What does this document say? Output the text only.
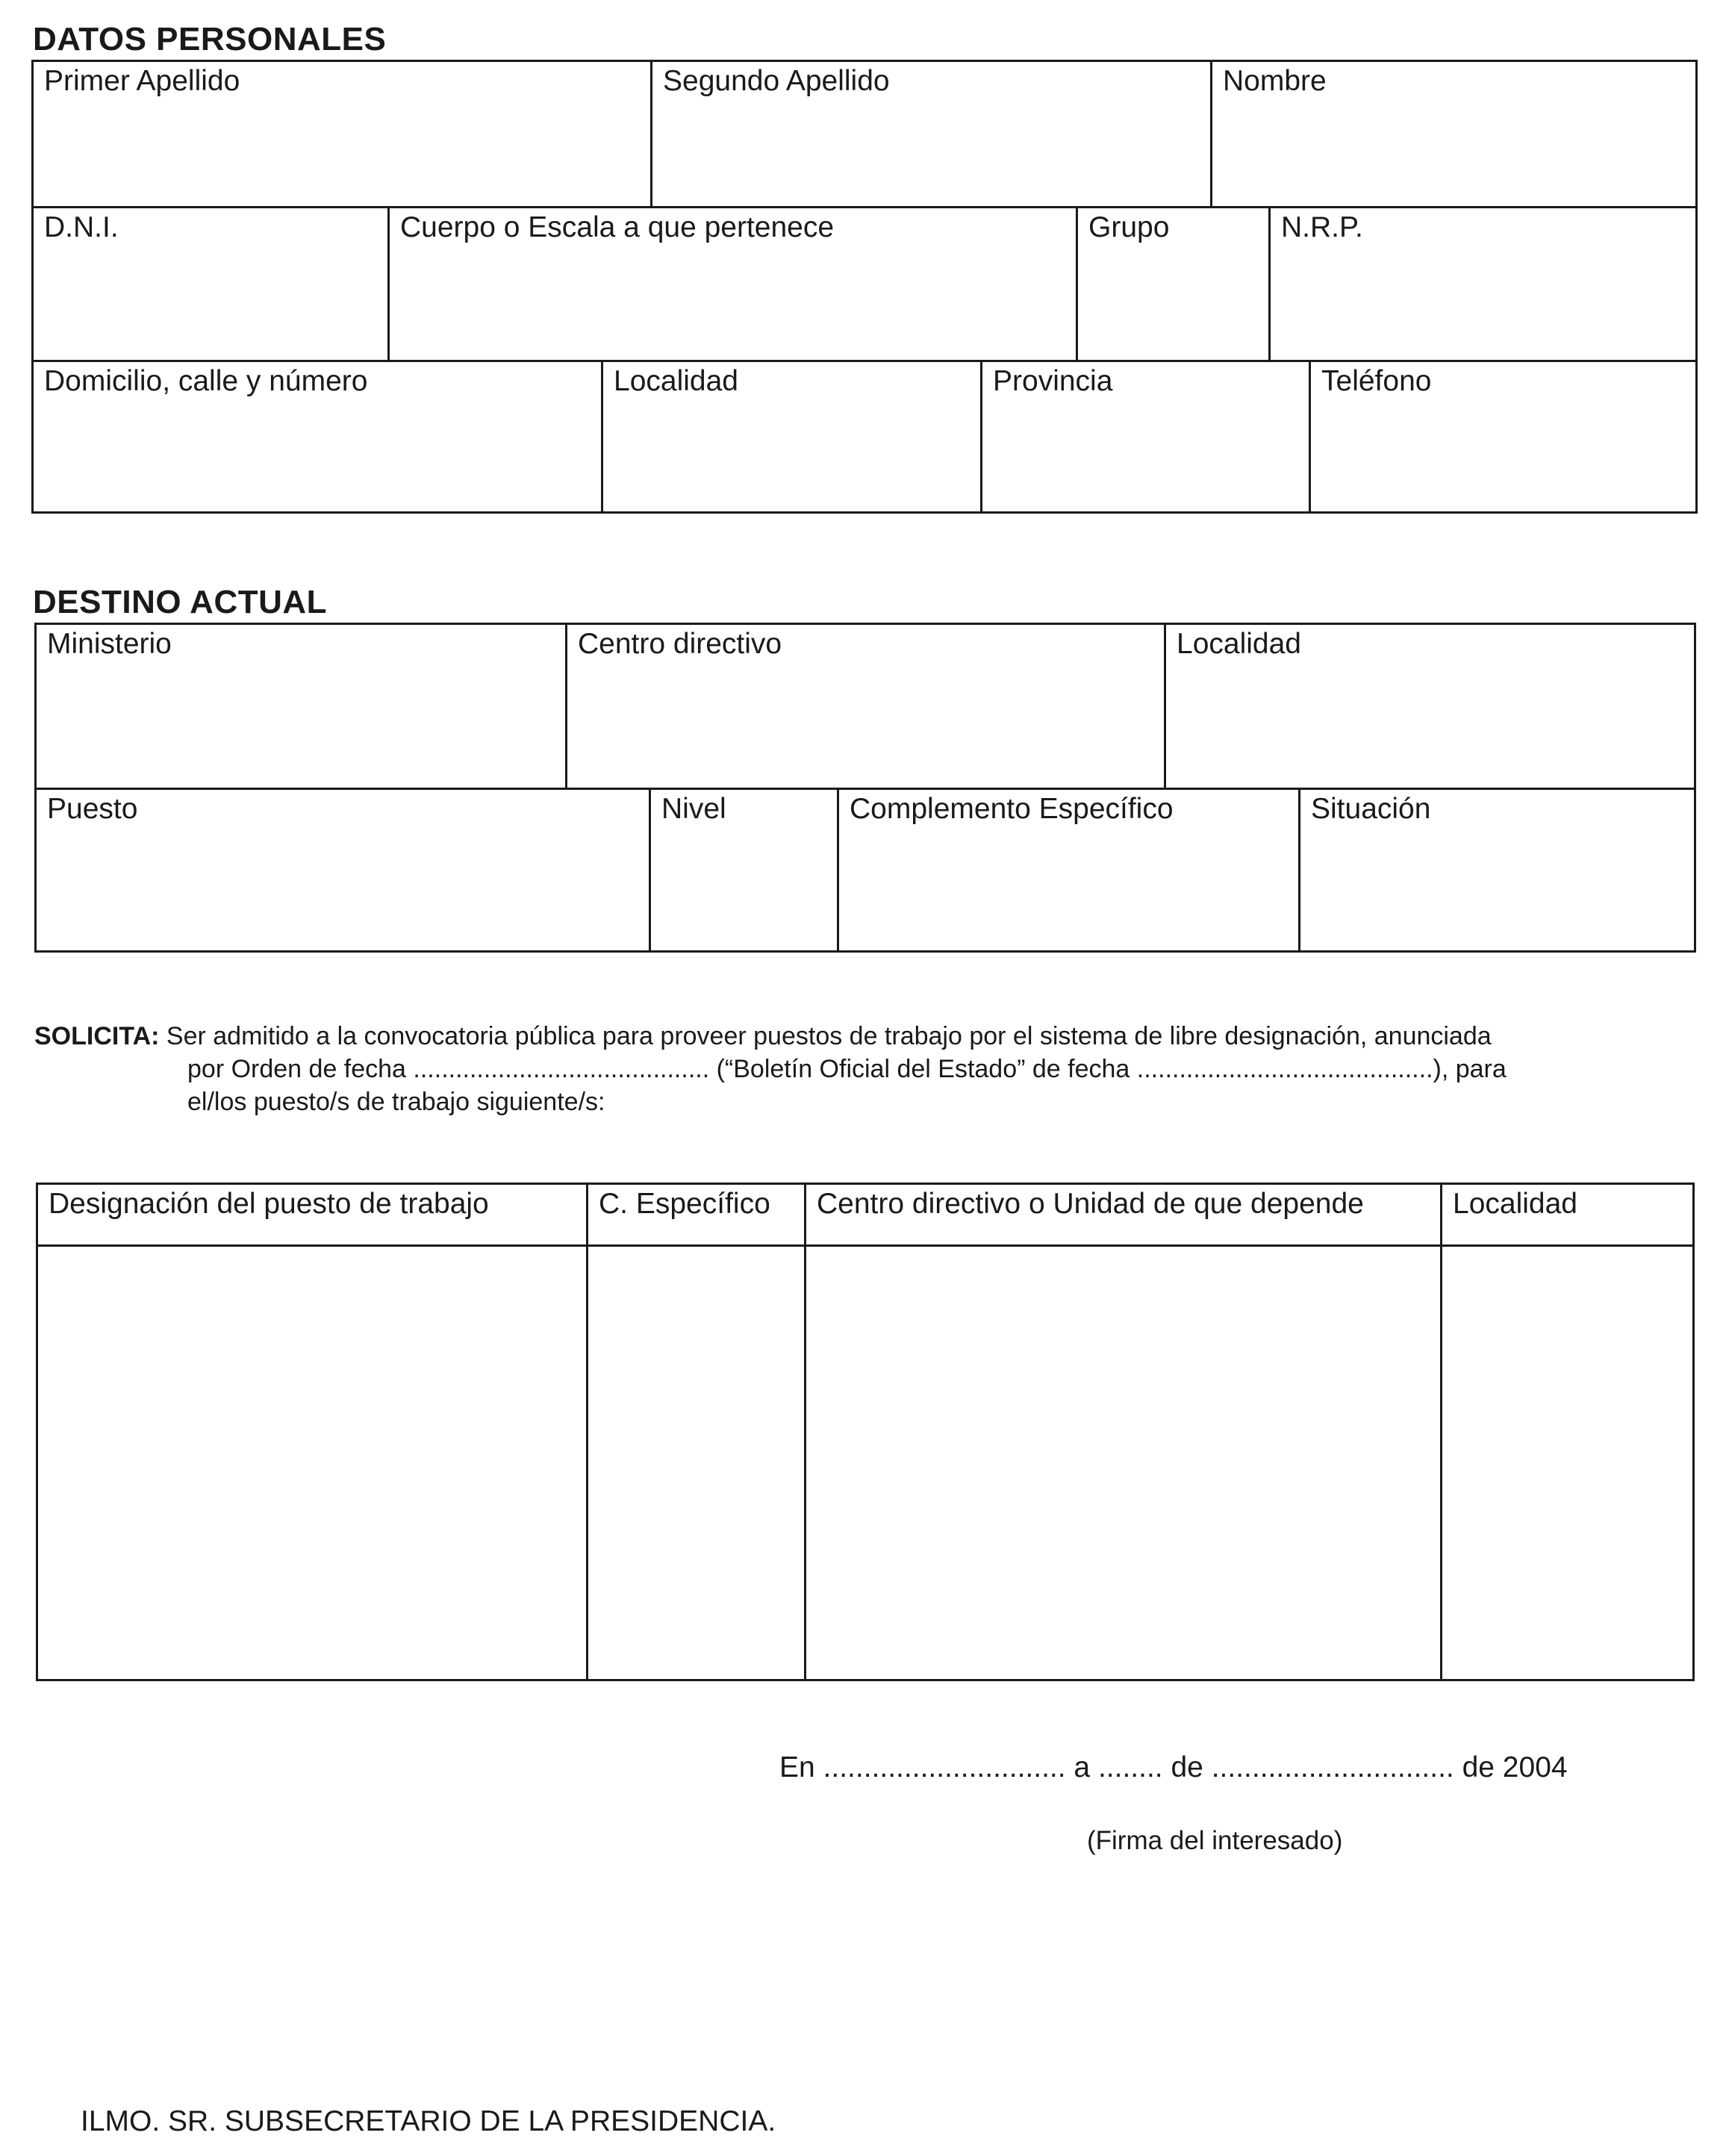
DATOS PERSONALES
Primer Apellido	Segundo Apellido	Nombre
D.N.I.	Cuerpo o Escala a que pertenece	Grupo	N.R.P.
Domicilio, calle y número	Localidad	Provincia	Teléfono
DESTINO ACTUAL
Ministerio	Centro directivo	Localidad
Puesto	Nivel	Complemento Específico	Situación
SOLICITA: Ser admitido a la convocatoria pública para proveer puestos de trabajo por el sistema de libre designación, anunciada
por Orden de fecha .......................................... (“Boletín Oficial del Estado” de fecha ..........................................), para
el/los puesto/s de trabajo siguiente/s:
Designación del puesto de trabajo	C. Específico	Centro directivo o Unidad de que depende	Localidad
En .............................. a ........ de .............................. de 2004
(Firma del interesado)
ILMO. SR. SUBSECRETARIO DE LA PRESIDENCIA.
